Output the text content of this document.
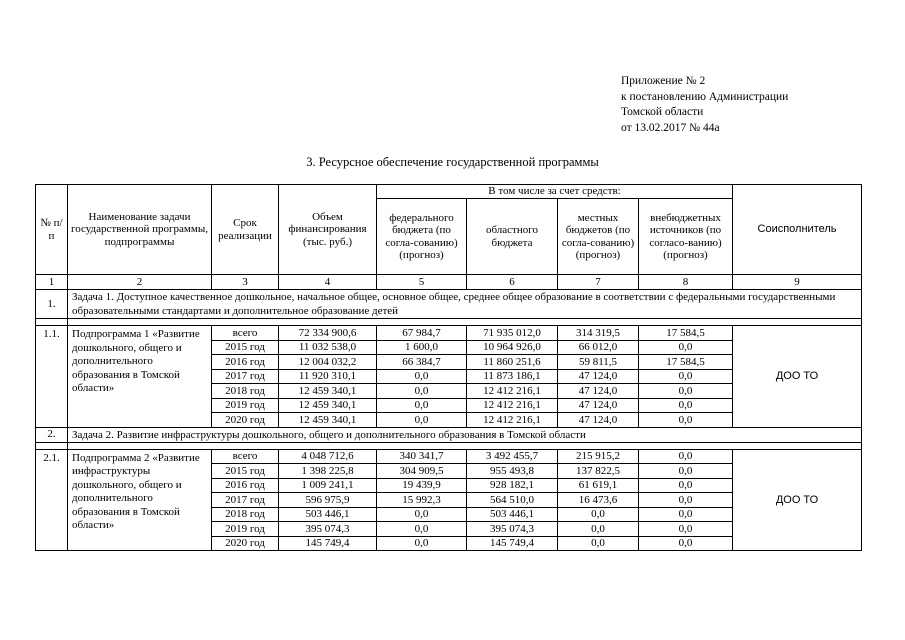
Приложение № 2
к постановлению Администрации
Томской области
от 13.02.2017 № 44а
3. Ресурсное обеспечение государственной программы
№ п/п	Наименование задачи государственной программы, подпрограммы	Срок реализации	Объем финансирования (тыс. руб.)	В том числе за счет средств:				Соисполнитель
				федерального бюджета (по согла-сованию) (прогноз)	областного бюджета	местных бюджетов (по согла-сованию) (прогноз)	внебюджетных источников (по согласо-ванию) (прогноз)	
1	2	3	4	5	6	7	8	9
1.	Задача 1. Доступное качественное дошкольное, начальное общее, основное общее, среднее общее образование в соответствии с федеральными государственными образовательными стандартами и дополнительное образование детей							

1.1.	Подпрограмма 1 «Развитие дошкольного, общего и дополнительного образования в Томской области»	всего	72 334 900,6	67 984,7	71 935 012,0	314 319,5	17 584,5	ДОО ТО
		2015 год	11 032 538,0	1 600,0	10 964 926,0	66 012,0	0,0	
		2016 год	12 004 032,2	66 384,7	11 860 251,6	59 811,5	17 584,5	
		2017 год	11 920 310,1	0,0	11 873 186,1	47 124,0	0,0	
		2018 год	12 459 340,1	0,0	12 412 216,1	47 124,0	0,0	
		2019 год	12 459 340,1	0,0	12 412 216,1	47 124,0	0,0	
		2020 год	12 459 340,1	0,0	12 412 216,1	47 124,0	0,0	
2.	Задача 2. Развитие инфраструктуры дошкольного, общего и дополнительного образования в Томской области							

2.1.	Подпрограмма 2 «Развитие инфраструктуры дошкольного, общего и дополнительного образования в Томской области»	всего	4 048 712,6	340 341,7	3 492 455,7	215 915,2	0,0	ДОО ТО
		2015 год	1 398 225,8	304 909,5	955 493,8	137 822,5	0,0	
		2016 год	1 009 241,1	19 439,9	928 182,1	61 619,1	0,0	
		2017 год	596 975,9	15 992,3	564 510,0	16 473,6	0,0	
		2018 год	503 446,1	0,0	503 446,1	0,0	0,0	
		2019 год	395 074,3	0,0	395 074,3	0,0	0,0	
		2020 год	145 749,4	0,0	145 749,4	0,0	0,0	
